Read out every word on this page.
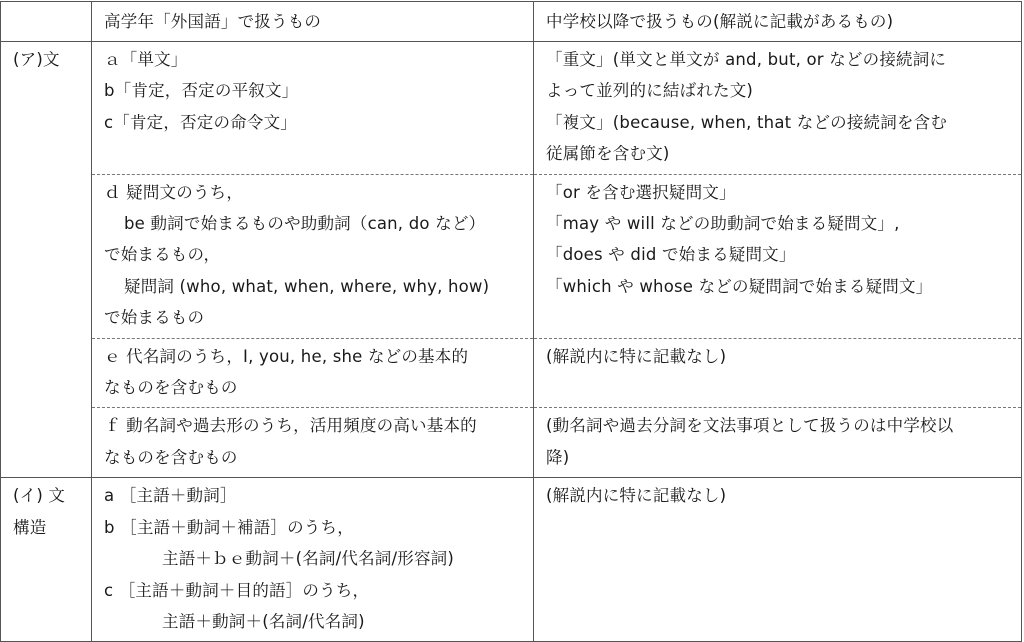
	高学年「外国語」で扱うもの	中学校以降で扱うもの(解説に記載があるもの)

(ア)文	ａ「単文」
b「肯定，否定の平叙文」
c「肯定，否定の命令文」	「重文」(単文と単文が and, but, or などの接続詞に
よって並列的に結ばれた文)
「複文」(because, when, that などの接続詞を含む
従属節を含む文)

	ｄ 疑問文のうち，
be 動詞で始まるものや助動詞（can, do など）
で始まるもの，
疑問詞 (who, what, when, where, why, how)
で始まるもの	「or を含む選択疑問文」
「may や will などの助動詞で始まる疑問文」,
「does や did で始まる疑問文」
「which や whose などの疑問詞で始まる疑問文」

	ｅ 代名詞のうち，I, you, he, she などの基本的
なものを含むもの	(解説内に特に記載なし)

	ｆ 動名詞や過去形のうち，活用頻度の高い基本的
なものを含むもの	(動名詞や過去分詞を文法事項として扱うのは中学校以
降)

(イ) 文
構造	a ［主語＋動詞］
b ［主語＋動詞＋補語］のうち，
主語＋ｂｅ動詞＋(名詞/代名詞/形容詞)
c ［主語＋動詞＋目的語］のうち，
主語＋動詞＋(名詞/代名詞)	(解説内に特に記載なし)
